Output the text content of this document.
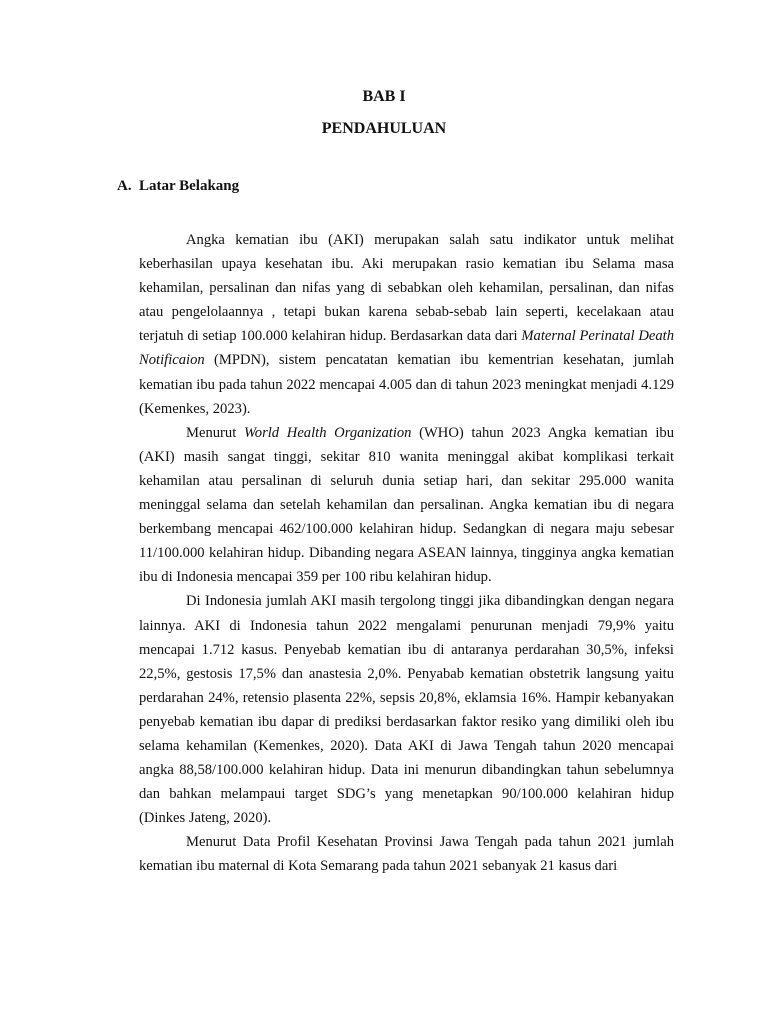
BAB I
PENDAHULUAN
A. Latar Belakang

Angka kematian ibu (AKI) merupakan salah satu indikator untuk melihat keberhasilan upaya kesehatan ibu. Aki merupakan rasio kematian ibu Selama masa kehamilan, persalinan dan nifas yang di sebabkan oleh kehamilan, persalinan, dan nifas atau pengelolaannya , tetapi bukan karena sebab-sebab lain seperti, kecelakaan atau terjatuh di setiap 100.000 kelahiran hidup. Berdasarkan data dari Maternal Perinatal Death Notificaion (MPDN), sistem pencatatan kematian ibu kementrian kesehatan, jumlah kematian ibu pada tahun 2022 mencapai 4.005 dan di tahun 2023 meningkat menjadi 4.129 (Kemenkes, 2023).

Menurut World Health Organization (WHO) tahun 2023 Angka kematian ibu (AKI) masih sangat tinggi, sekitar 810 wanita meninggal akibat komplikasi terkait kehamilan atau persalinan di seluruh dunia setiap hari, dan sekitar 295.000 wanita meninggal selama dan setelah kehamilan dan persalinan. Angka kematian ibu di negara berkembang mencapai 462/100.000 kelahiran hidup. Sedangkan di negara maju sebesar 11/100.000 kelahiran hidup. Dibanding negara ASEAN lainnya, tingginya angka kematian ibu di Indonesia mencapai 359 per 100 ribu kelahiran hidup.

Di Indonesia jumlah AKI masih tergolong tinggi jika dibandingkan dengan negara lainnya. AKI di Indonesia tahun 2022 mengalami penurunan menjadi 79,9% yaitu mencapai 1.712 kasus. Penyebab kematian ibu di antaranya perdarahan 30,5%, infeksi 22,5%, gestosis 17,5% dan anastesia 2,0%. Penyabab kematian obstetrik langsung yaitu perdarahan 24%, retensio plasenta 22%, sepsis 20,8%, eklamsia 16%. Hampir kebanyakan penyebab kematian ibu dapar di prediksi berdasarkan faktor resiko yang dimiliki oleh ibu selama kehamilan (Kemenkes, 2020). Data AKI di Jawa Tengah tahun 2020 mencapai angka 88,58/100.000 kelahiran hidup. Data ini menurun dibandingkan tahun sebelumnya dan bahkan melampaui target SDG’s yang menetapkan 90/100.000 kelahiran hidup (Dinkes Jateng, 2020).

Menurut Data Profil Kesehatan Provinsi Jawa Tengah pada tahun 2021 jumlah kematian ibu maternal di Kota Semarang pada tahun 2021 sebanyak 21 kasus dari
